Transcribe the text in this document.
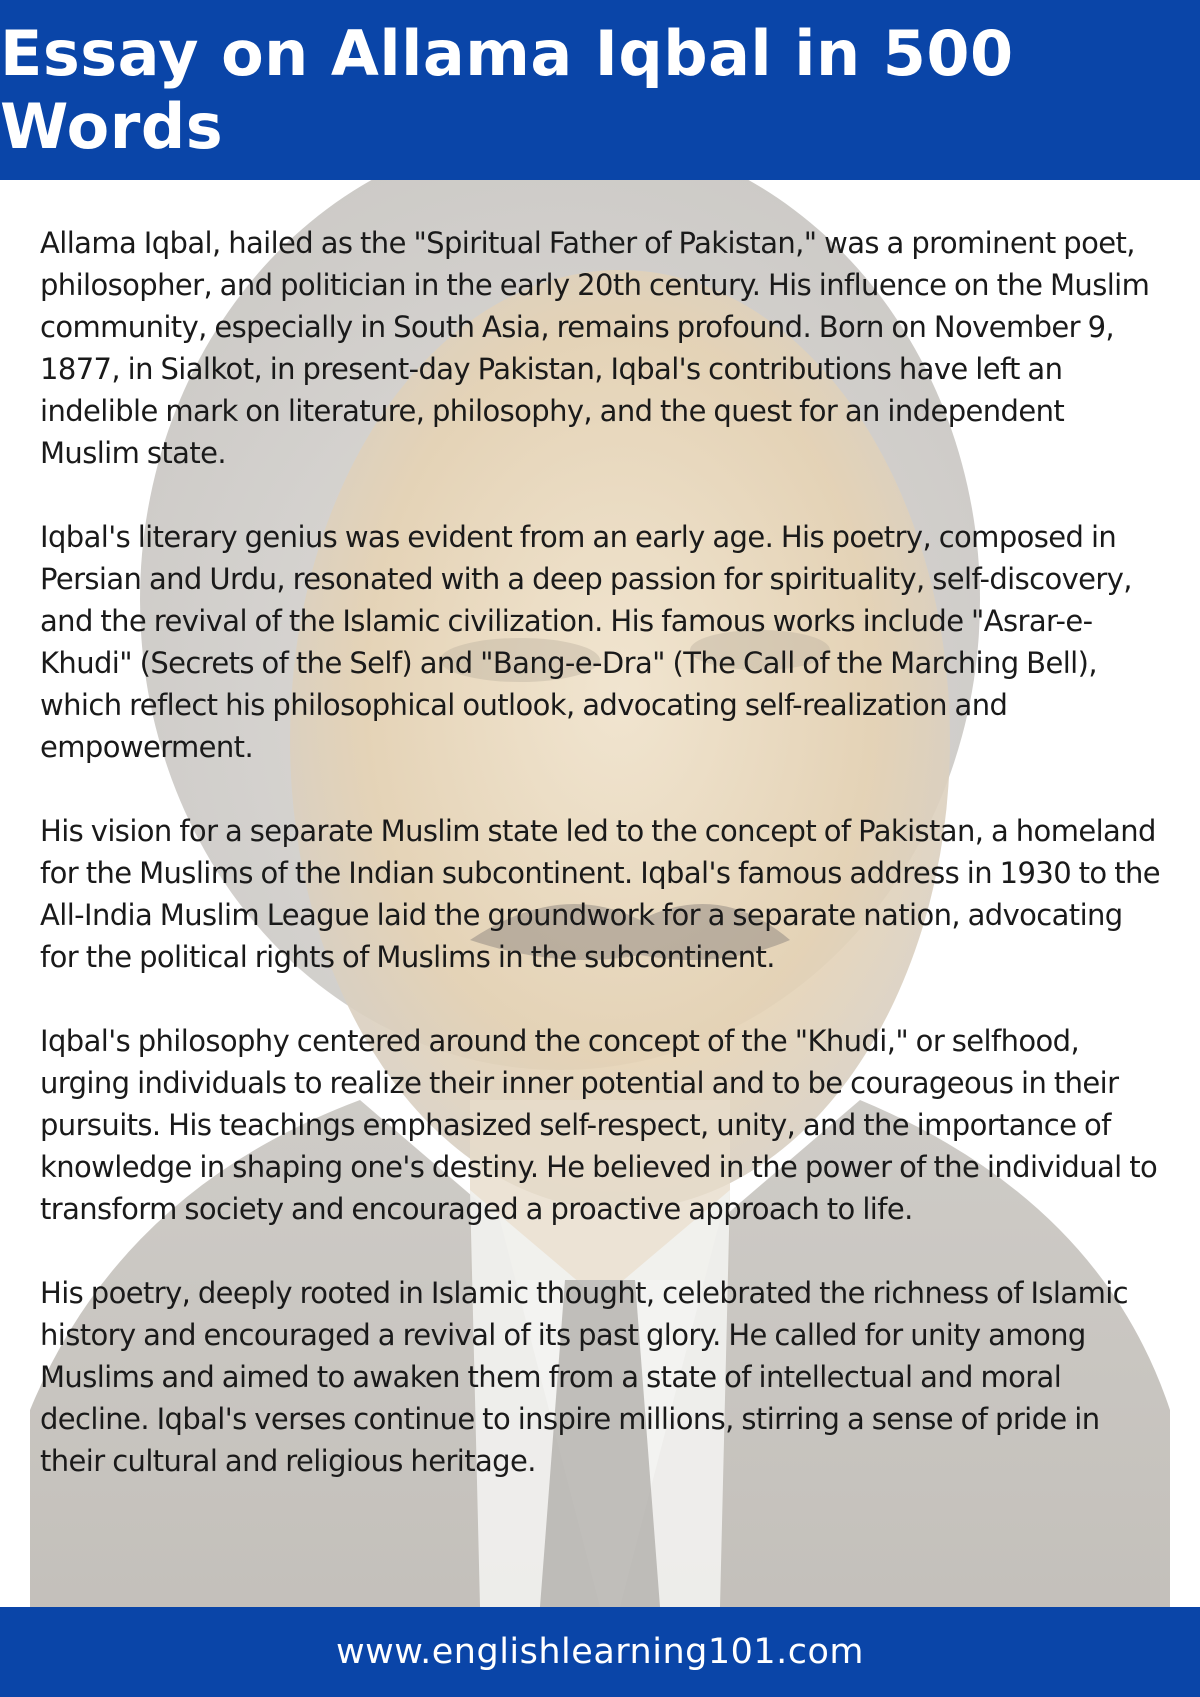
Essay on Allama Iqbal in 500 Words

Allama Iqbal, hailed as the "Spiritual Father of Pakistan," was a prominent poet, philosopher, and politician in the early 20th century. His influence on the Muslim community, especially in South Asia, remains profound. Born on November 9, 1877, in Sialkot, in present-day Pakistan, Iqbal's contributions have left an indelible mark on literature, philosophy, and the quest for an independent Muslim state.

Iqbal's literary genius was evident from an early age. His poetry, composed in Persian and Urdu, resonated with a deep passion for spirituality, self-discovery, and the revival of the Islamic civilization. His famous works include "Asrar-e-Khudi" (Secrets of the Self) and "Bang-e-Dra" (The Call of the Marching Bell), which reflect his philosophical outlook, advocating self-realization and empowerment.

His vision for a separate Muslim state led to the concept of Pakistan, a homeland for the Muslims of the Indian subcontinent. Iqbal's famous address in 1930 to the All-India Muslim League laid the groundwork for a separate nation, advocating for the political rights of Muslims in the subcontinent.

Iqbal's philosophy centered around the concept of the "Khudi," or selfhood, urging individuals to realize their inner potential and to be courageous in their pursuits. His teachings emphasized self-respect, unity, and the importance of knowledge in shaping one's destiny. He believed in the power of the individual to transform society and encouraged a proactive approach to life.

His poetry, deeply rooted in Islamic thought, celebrated the richness of Islamic history and encouraged a revival of its past glory. He called for unity among Muslims and aimed to awaken them from a state of intellectual and moral decline. Iqbal's verses continue to inspire millions, stirring a sense of pride in their cultural and religious heritage.

www.englishlearning101.com
